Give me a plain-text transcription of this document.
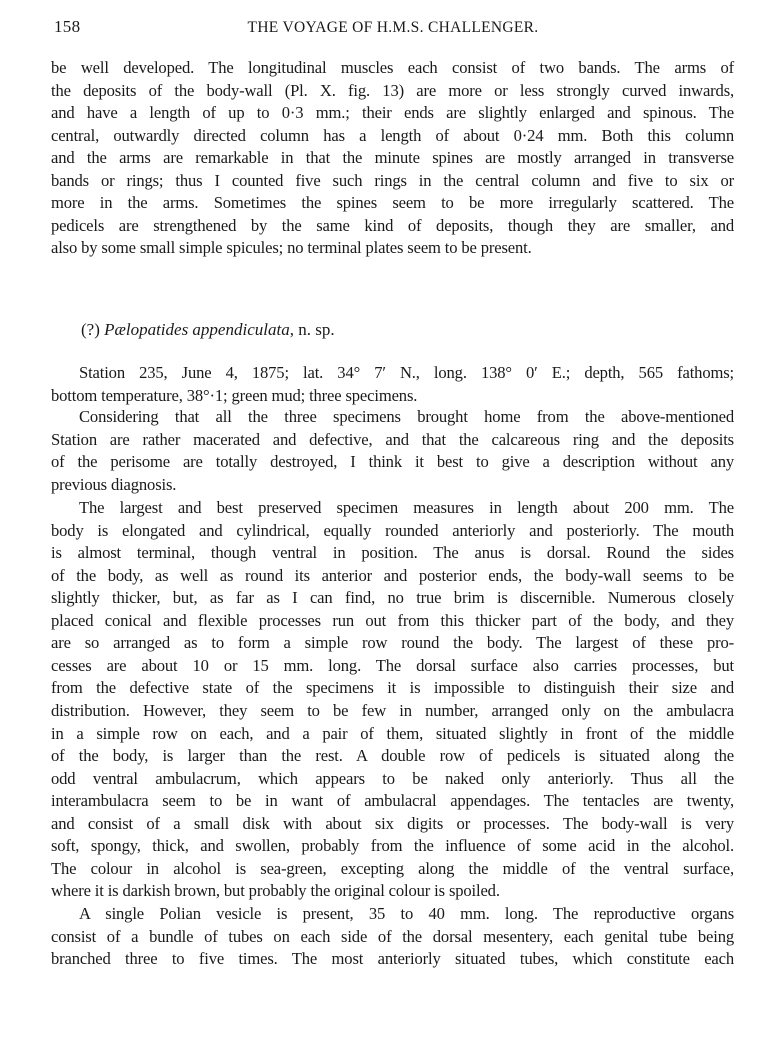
158	THE VOYAGE OF H.M.S. CHALLENGER.
(?) Pælopatides appendiculata, n. sp.
be well developed. The longitudinal muscles each consist of two bands. The arms of
the deposits of the body-wall (Pl. X. fig. 13) are more or less strongly curved inwards,
and have a length of up to 0·3 mm.; their ends are slightly enlarged and spinous. The
central, outwardly directed column has a length of about 0·24 mm. Both this column
and the arms are remarkable in that the minute spines are mostly arranged in transverse
bands or rings; thus I counted five such rings in the central column and five to six or
more in the arms. Sometimes the spines seem to be more irregularly scattered. The
pedicels are strengthened by the same kind of deposits, though they are smaller, and
also by some small simple spicules; no terminal plates seem to be present.
Station 235, June 4, 1875; lat. 34° 7′ N., long. 138° 0′ E.; depth, 565 fathoms;
bottom temperature, 38°·1; green mud; three specimens.
Considering that all the three specimens brought home from the above-mentioned
Station are rather macerated and defective, and that the calcareous ring and the deposits
of the perisome are totally destroyed, I think it best to give a description without any
previous diagnosis.
The largest and best preserved specimen measures in length about 200 mm. The
body is elongated and cylindrical, equally rounded anteriorly and posteriorly. The mouth
is almost terminal, though ventral in position. The anus is dorsal. Round the sides
of the body, as well as round its anterior and posterior ends, the body-wall seems to be
slightly thicker, but, as far as I can find, no true brim is discernible. Numerous closely
placed conical and flexible processes run out from this thicker part of the body, and they
are so arranged as to form a simple row round the body. The largest of these pro-
cesses are about 10 or 15 mm. long. The dorsal surface also carries processes, but
from the defective state of the specimens it is impossible to distinguish their size and
distribution. However, they seem to be few in number, arranged only on the ambulacra
in a simple row on each, and a pair of them, situated slightly in front of the middle
of the body, is larger than the rest. A double row of pedicels is situated along the
odd ventral ambulacrum, which appears to be naked only anteriorly. Thus all the
interambulacra seem to be in want of ambulacral appendages. The tentacles are twenty,
and consist of a small disk with about six digits or processes. The body-wall is very
soft, spongy, thick, and swollen, probably from the influence of some acid in the alcohol.
The colour in alcohol is sea-green, excepting along the middle of the ventral surface,
where it is darkish brown, but probably the original colour is spoiled.
A single Polian vesicle is present, 35 to 40 mm. long. The reproductive organs
consist of a bundle of tubes on each side of the dorsal mesentery, each genital tube being
branched three to five times. The most anteriorly situated tubes, which constitute each
